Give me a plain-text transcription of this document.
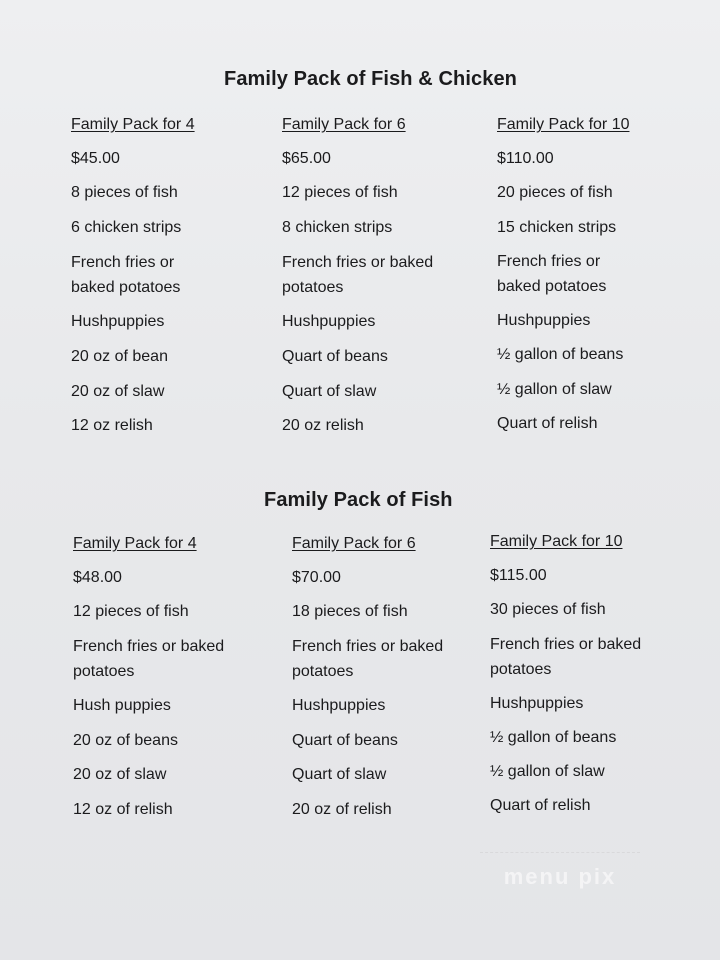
Family Pack of Fish & Chicken
Family Pack for 4
$45.00
8 pieces of fish
6 chicken strips
French fries or baked potatoes
Hushpuppies
20 oz of bean
20 oz of slaw
12 oz relish
Family Pack for 6
$65.00
12 pieces of fish
8 chicken strips
French fries or baked potatoes
Hushpuppies
Quart of beans
Quart of slaw
20 oz relish
Family Pack for 10
$110.00
20 pieces of fish
15 chicken strips
French fries or baked potatoes
Hushpuppies
½ gallon of beans
½ gallon of slaw
Quart of relish
Family Pack of Fish
Family Pack for 4
$48.00
12 pieces of fish
French fries or baked potatoes
Hush puppies
20 oz of beans
20 oz of slaw
12 oz of relish
Family Pack for 6
$70.00
18 pieces of fish
French fries or baked potatoes
Hushpuppies
Quart of beans
Quart of slaw
20 oz of relish
Family Pack for 10
$115.00
30 pieces of fish
French fries or baked potatoes
Hushpuppies
½ gallon of beans
½ gallon of slaw
Quart of relish
menu pix
